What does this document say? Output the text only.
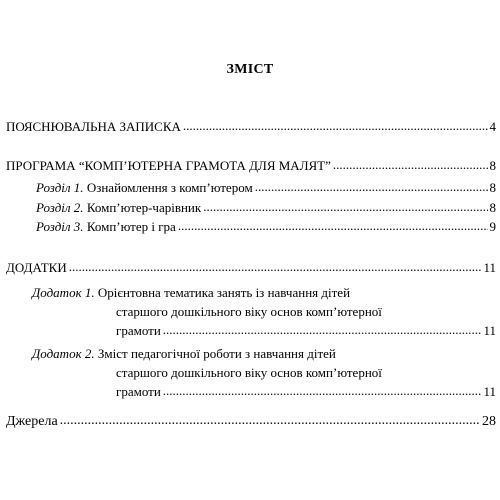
ЗМІСТ
ПОЯСНЮВАЛЬНА ЗАПИСКА .....	4
ПРОГРАМА “КОМП’ЮТЕРНА ГРАМОТА ДЛЯ МАЛЯТ” .....	8
Розділ 1. Ознайомлення з комп’ютером .....	8
Розділ 2. Комп’ютер-чарівник .....	8
Розділ 3. Комп’ютер і гра .....	9
ДОДАТКИ .....	11
Додаток 1. Орієнтовна тематика занять із навчання дітей
старшого дошкільного віку основ комп’ютерної
грамоти .....	11
Додаток 2. Зміст педагогічної роботи з навчання дітей
старшого дошкільного віку основ комп’ютерної
грамоти .....	11
Джерела .....	28
